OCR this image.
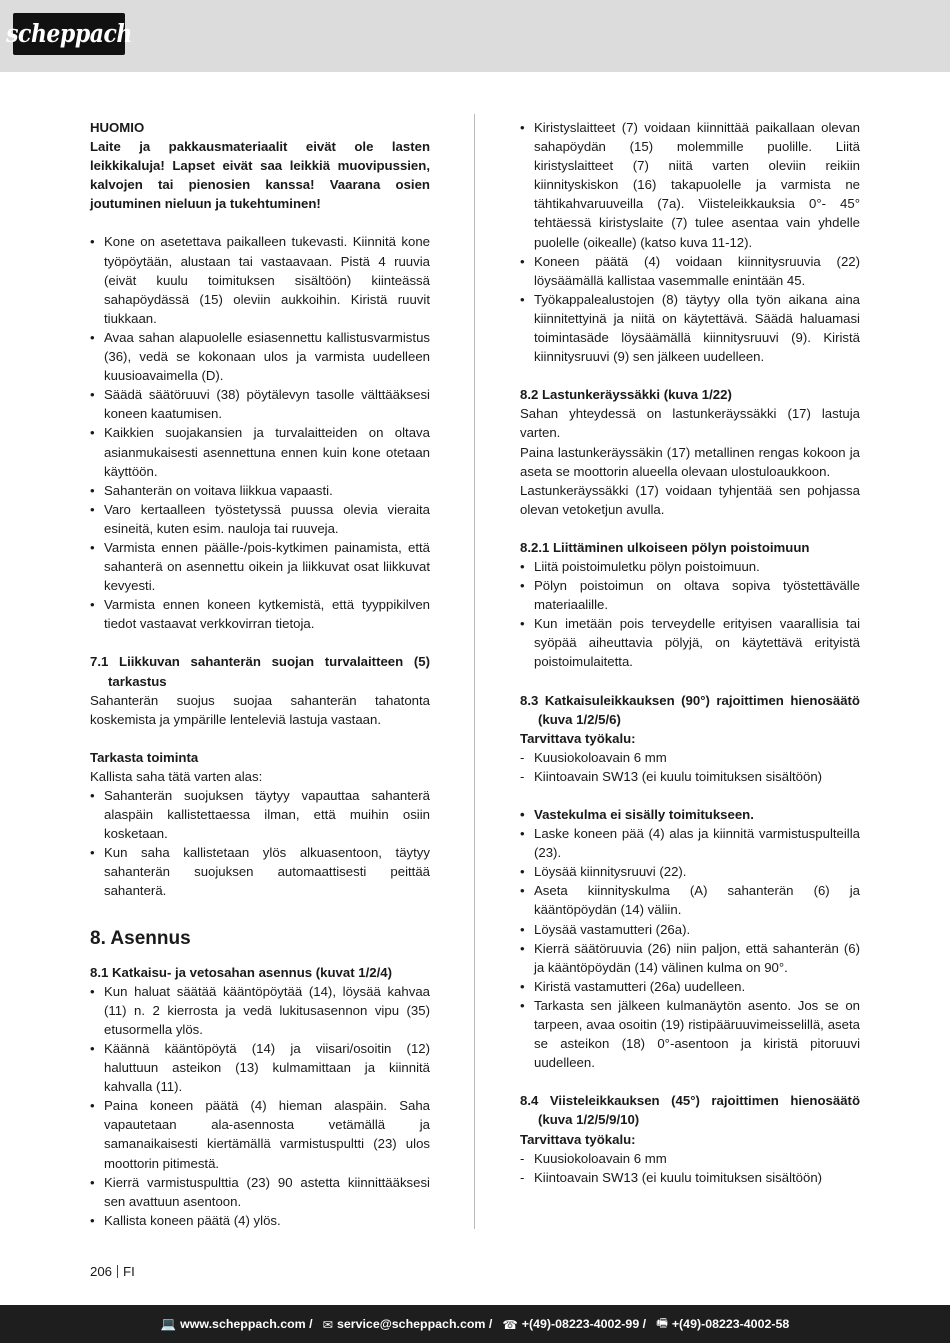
scheppach

HUOMIO

Laite ja pakkausmateriaalit eivät ole lasten leikkikaluja! Lapset eivät saa leikkiä muovipussien, kalvojen tai pienosien kanssa! Vaarana osien joutuminen nieluun ja tukehtuminen!

• Kone on asetettava paikalleen tukevasti. Kiinnitä kone työpöytään, alustaan tai vastaavaan. Pistä 4 ruuvia (eivät kuulu toimituksen sisältöön) kiinteässä sahapöydässä (15) oleviin aukkoihin. Kiristä ruuvit tiukkaan.
• Avaa sahan alapuolelle esiasennettu kallistusvarmistus (36), vedä se kokonaan ulos ja varmista uudelleen kuusioavaimella (D).
• Säädä säätöruuvi (38) pöytälevyn tasolle välttääksesi koneen kaatumisen.
• Kaikkien suojakansien ja turvalaitteiden on oltava asianmukaisesti asennettuna ennen kuin kone otetaan käyttöön.
• Sahanterän on voitava liikkua vapaasti.
• Varo kertaalleen työstetyssä puussa olevia vieraita esineitä, kuten esim. nauloja tai ruuveja.
• Varmista ennen päälle-/pois-kytkimen painamista, että sahanterä on asennettu oikein ja liikkuvat osat liikkuvat kevyesti.
• Varmista ennen koneen kytkemistä, että tyyppikilven tiedot vastaavat verkkovirran tietoja.

7.1 Liikkuvan sahanterän suojan turvalaitteen (5) tarkastus

Sahanterän suojus suojaa sahanterän tahatonta koskemista ja ympärille lenteleviä lastuja vastaan.

Tarkasta toiminta

Kallista saha tätä varten alas:

• Sahanterän suojuksen täytyy vapauttaa sahanterä alaspäin kallistettaessa ilman, että muihin osiin kosketaan.
• Kun saha kallistetaan ylös alkuasentoon, täytyy sahanterän suojuksen automaattisesti peittää sahanterä.

8. Asennus

8.1 Katkaisu- ja vetosahan asennus (kuvat 1/2/4)

• Kun haluat säätää kääntöpöytää (14), löysää kahvaa (11) n. 2 kierrosta ja vedä lukitusasennon vipu (35) etusormella ylös.
• Käännä kääntöpöytä (14) ja viisari/osoitin (12) haluttuun asteikon (13) kulmamittaan ja kiinnitä kahvalla (11).
• Paina koneen päätä (4) hieman alaspäin. Saha vapautetaan ala-asennosta vetämällä ja samanaikaisesti kiertämällä varmistuspultti (23) ulos moottorin pitimestä.
• Kierrä varmistuspulttia (23) 90 astetta kiinnittääksesi sen avattuun asentoon.
• Kallista koneen päätä (4) ylös.
• Kiristyslaitteet (7) voidaan kiinnittää paikallaan olevan sahapöydän (15) molemmille puolille. Liitä kiristyslaitteet (7) niitä varten oleviin reikiin kiinnityskiskon (16) takapuolelle ja varmista ne tähtikahvaruuveilla (7a). Viisteleikkauksia 0°- 45° tehtäessä kiristyslaite (7) tulee asentaa vain yhdelle puolelle (oikealle) (katso kuva 11-12).
• Koneen päätä (4) voidaan kiinnitysruuvia (22) löysäämällä kallistaa vasemmalle enintään 45.
• Työkappalealustojen (8) täytyy olla työn aikana aina kiinnitettyinä ja niitä on käytettävä. Säädä haluamasi toimintasäde löysäämällä kiinnitysruuvi (9). Kiristä kiinnitysruuvi (9) sen jälkeen uudelleen.

8.2 Lastunkeräyssäkki (kuva 1/22)

Sahan yhteydessä on lastunkeräyssäkki (17) lastuja varten.

Paina lastunkeräyssäkin (17) metallinen rengas kokoon ja aseta se moottorin alueella olevaan ulostuloaukkoon.

Lastunkeräyssäkki (17) voidaan tyhjentää sen pohjassa olevan vetoketjun avulla.

8.2.1 Liittäminen ulkoiseen pölyn poistoimuun

• Liitä poistoimuletku pölyn poistoimuun.
• Pölyn poistoimun on oltava sopiva työstettävälle materiaalille.
• Kun imetään pois terveydelle erityisen vaarallisia tai syöpää aiheuttavia pölyjä, on käytettävä erityistä poistoimulaitetta.

8.3 Katkaisuleikkauksen (90°) rajoittimen hienosäätö (kuva 1/2/5/6)

Tarvittava työkalu:

- Kuusiokoloavain 6 mm
- Kiintoavain SW13 (ei kuulu toimituksen sisältöön)
• Vastekulma ei sisälly toimitukseen.
• Laske koneen pää (4) alas ja kiinnitä varmistuspulteilla (23).
• Löysää kiinnitysruuvi (22).
• Aseta kiinnityskulma (A) sahanterän (6) ja kääntöpöydän (14) väliin.
• Löysää vastamutteri (26a).
• Kierrä säätöruuvia (26) niin paljon, että sahanterän (6) ja kääntöpöydän (14) välinen kulma on 90°.
• Kiristä vastamutteri (26a) uudelleen.
• Tarkasta sen jälkeen kulmanäytön asento. Jos se on tarpeen, avaa osoitin (19) ristipääruuvimeisselillä, aseta se asteikon (18) 0°-asentoon ja kiristä pitoruuvi uudelleen.

8.4 Viisteleikkauksen (45°) rajoittimen hienosäätö (kuva 1/2/5/9/10)

Tarvittava työkalu:

- Kuusiokoloavain 6 mm
- Kiintoavain SW13 (ei kuulu toimituksen sisältöön)
206 FI
💻 www.scheppach.com / ✉ service@scheppach.com / ☎ +(49)-08223-4002-99 / 🖷 +(49)-08223-4002-58
